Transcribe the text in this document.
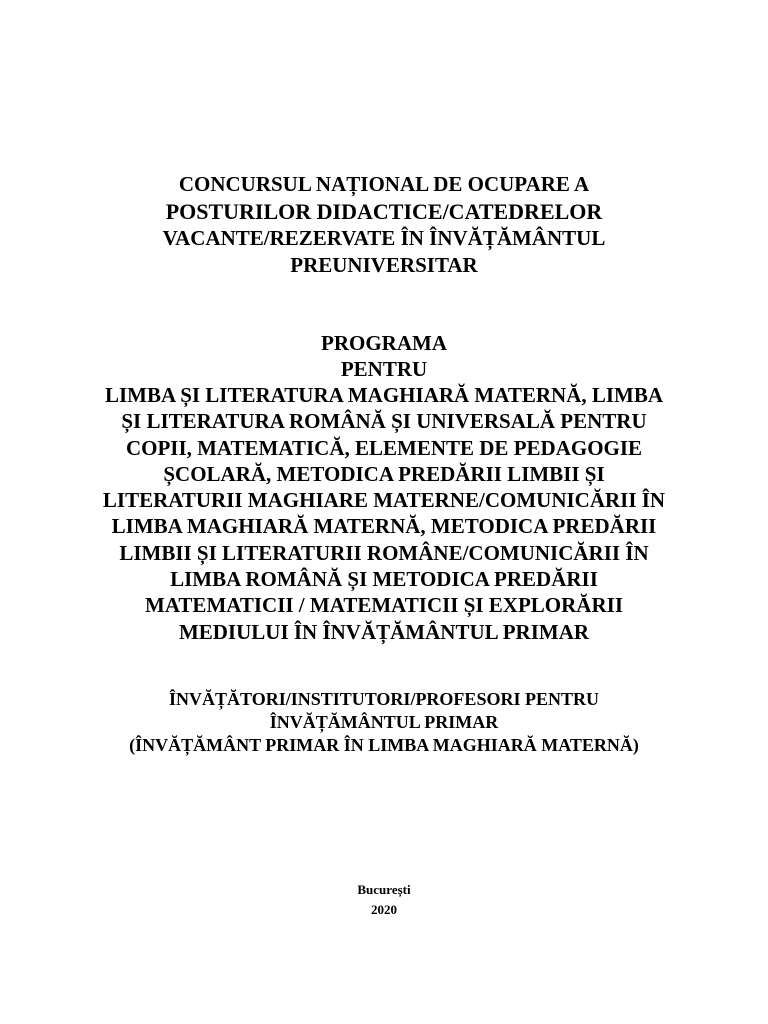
CONCURSUL NAȚIONAL DE OCUPARE A
POSTURILOR DIDACTICE/CATEDRELOR
VACANTE/REZERVATE ÎN ÎNVĂȚĂMÂNTUL
PREUNIVERSITAR
PROGRAMA
PENTRU
LIMBA ȘI LITERATURA MAGHIARĂ MATERNĂ, LIMBA
ȘI LITERATURA ROMÂNĂ ȘI UNIVERSALĂ PENTRU
COPII, MATEMATICĂ, ELEMENTE DE PEDAGOGIE
ȘCOLARĂ, METODICA PREDĂRII LIMBII ȘI
LITERATURII MAGHIARE MATERNE/COMUNICĂRII ÎN
LIMBA MAGHIARĂ MATERNĂ, METODICA PREDĂRII
LIMBII ȘI LITERATURII ROMÂNE/COMUNICĂRII ÎN
LIMBA ROMÂNĂ ȘI METODICA PREDĂRII
MATEMATICII / MATEMATICII ȘI EXPLORĂRII
MEDIULUI ÎN ÎNVĂȚĂMÂNTUL PRIMAR
ÎNVĂȚĂTORI/INSTITUTORI/PROFESORI PENTRU
ÎNVĂȚĂMÂNTUL PRIMAR
(ÎNVĂȚĂMÂNT PRIMAR ÎN LIMBA MAGHIARĂ MATERNĂ)
București
2020
